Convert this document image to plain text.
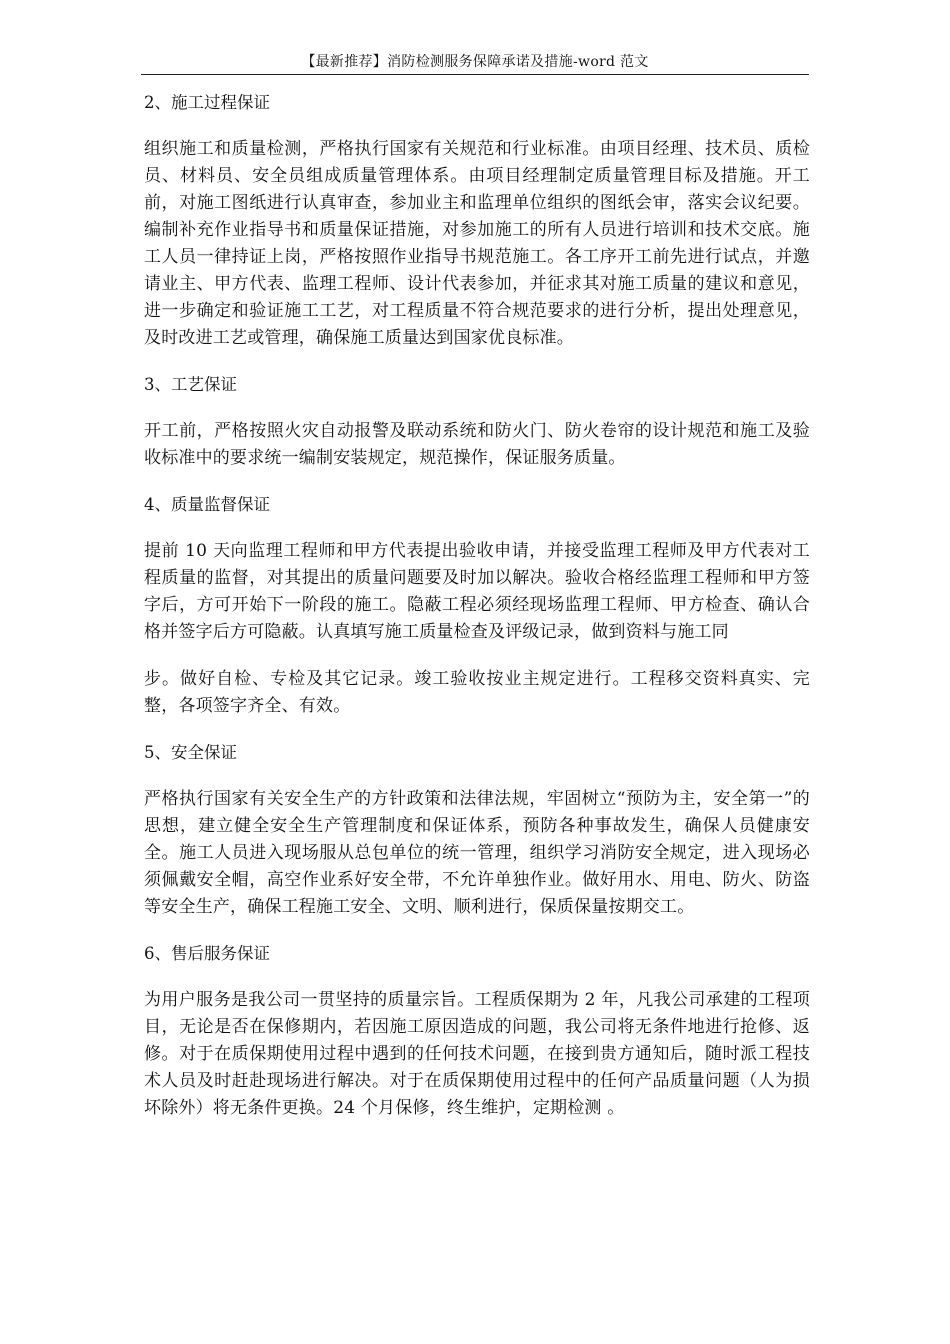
【最新推荐】消防检测服务保障承诺及措施-word 范文
2、施工过程保证

组织施工和质量检测，严格执行国家有关规范和行业标准。由项目经理、技术员、质检员、材料员、安全员组成质量管理体系。由项目经理制定质量管理目标及措施。开工前，对施工图纸进行认真审查，参加业主和监理单位组织的图纸会审，落实会议纪要。编制补充作业指导书和质量保证措施，对参加施工的所有人员进行培训和技术交底。施工人员一律持证上岗，严格按照作业指导书规范施工。各工序开工前先进行试点，并邀请业主、甲方代表、监理工程师、设计代表参加，并征求其对施工质量的建议和意见，进一步确定和验证施工工艺，对工程质量不符合规范要求的进行分析，提出处理意见，及时改进工艺或管理，确保施工质量达到国家优良标准。

3、工艺保证

开工前，严格按照火灾自动报警及联动系统和防火门、防火卷帘的设计规范和施工及验收标准中的要求统一编制安装规定，规范操作，保证服务质量。

4、质量监督保证

提前 10 天向监理工程师和甲方代表提出验收申请，并接受监理工程师及甲方代表对工程质量的监督，对其提出的质量问题要及时加以解决。验收合格经监理工程师和甲方签字后，方可开始下一阶段的施工。隐蔽工程必须经现场监理工程师、甲方检查、确认合格并签字后方可隐蔽。认真填写施工质量检查及评级记录，做到资料与施工同

步。做好自检、专检及其它记录。竣工验收按业主规定进行。工程移交资料真实、完整，各项签字齐全、有效。

5、安全保证

严格执行国家有关安全生产的方针政策和法律法规，牢固树立“预防为主，安全第一”的思想，建立健全安全生产管理制度和保证体系，预防各种事故发生，确保人员健康安全。施工人员进入现场服从总包单位的统一管理，组织学习消防安全规定，进入现场必须佩戴安全帽，高空作业系好安全带，不允许单独作业。做好用水、用电、防火、防盗等安全生产，确保工程施工安全、文明、顺利进行，保质保量按期交工。

6、售后服务保证

为用户服务是我公司一贯坚持的质量宗旨。工程质保期为 2 年，凡我公司承建的工程项目，无论是否在保修期内，若因施工原因造成的问题，我公司将无条件地进行抢修、返修。对于在质保期使用过程中遇到的任何技术问题，在接到贵方通知后，随时派工程技术人员及时赶赴现场进行解决。对于在质保期使用过程中的任何产品质量问题（人为损坏除外）将无条件更换。24 个月保修，终生维护，定期检测 。
